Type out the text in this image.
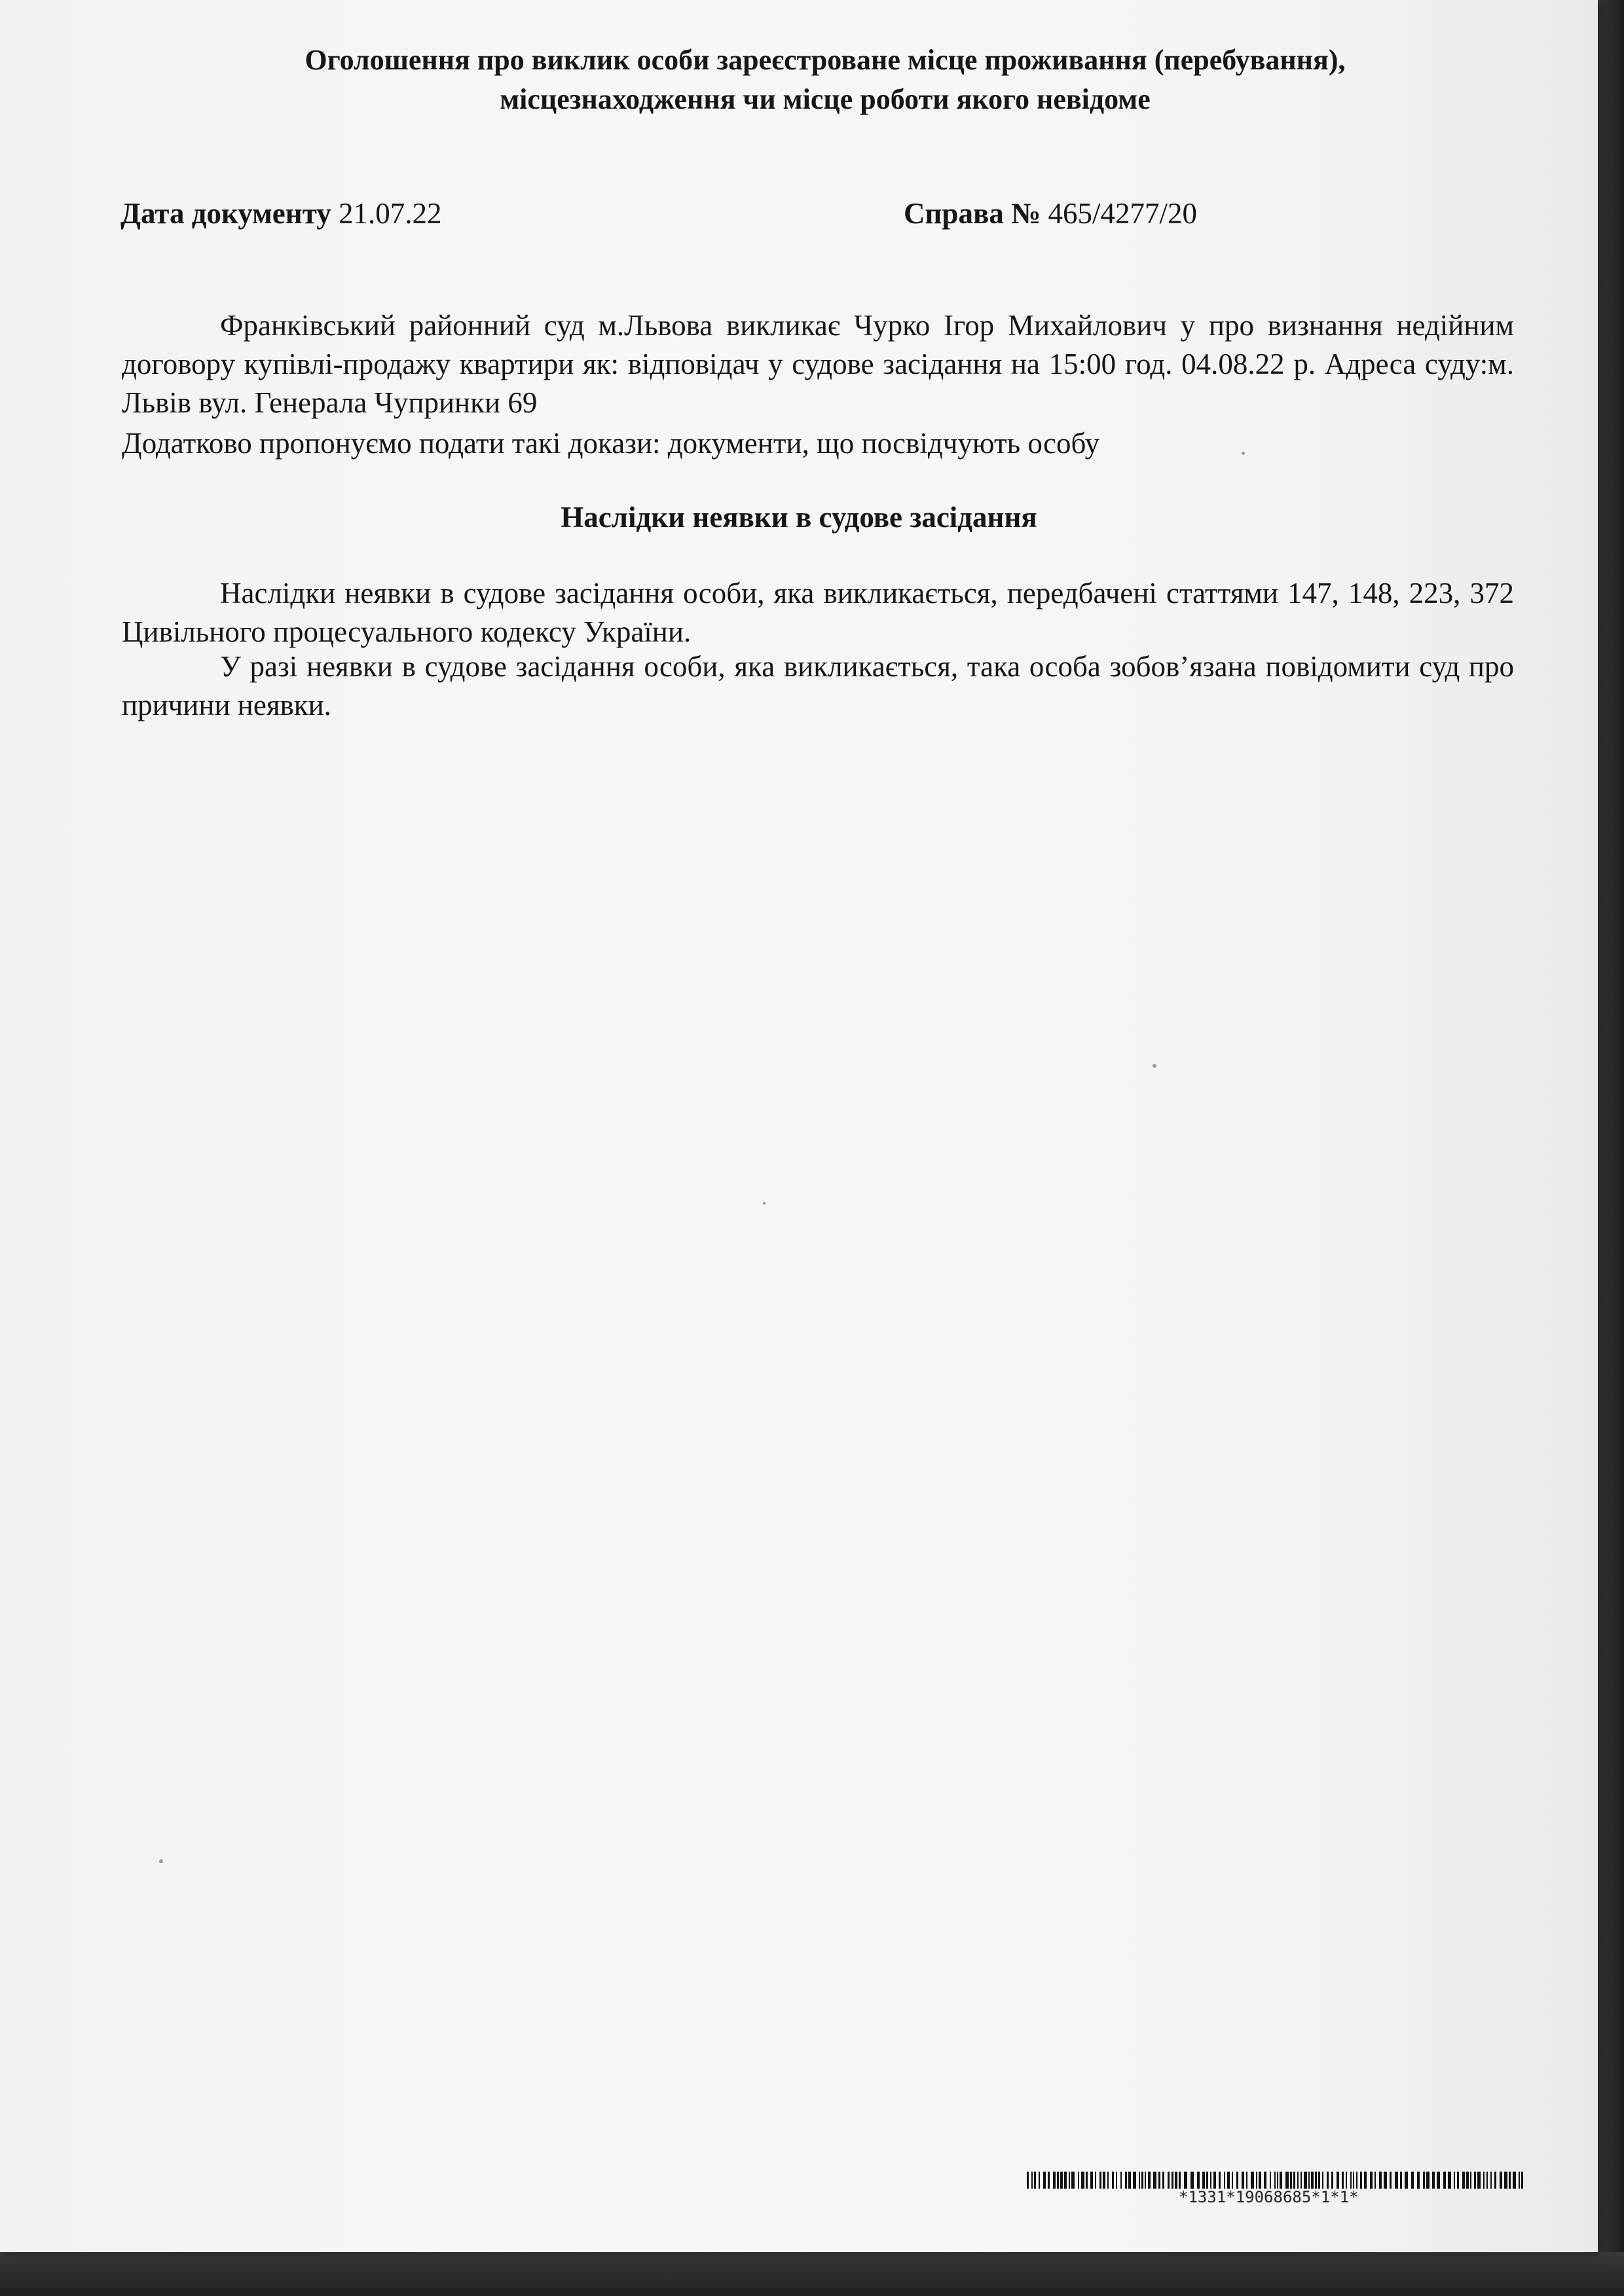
Оголошення про виклик особи зареєстроване місце проживання (перебування),
місцезнаходження чи місце роботи якого невідоме
Дата документу 21.07.22	Справа № 465/4277/20
Франківський районний суд м.Львова викликає Чурко Ігор Михайлович у про визнання недійним договору купівлі-продажу квартири як: відповідач у судове засідання на 15:00 год. 04.08.22 р. Адреса суду:м. Львів вул. Генерала Чупринки 69
Додатково пропонуємо подати такі докази: документи, що посвідчують особу
Наслідки неявки в судове засідання
Наслідки неявки в судове засідання особи, яка викликається, передбачені статтями 147, 148, 223, 372 Цивільного процесуального кодексу України.
У разі неявки в судове засідання особи, яка викликається, така особа зобов’язана повідомити суд про причини неявки.
*1331*19068685*1*1*
